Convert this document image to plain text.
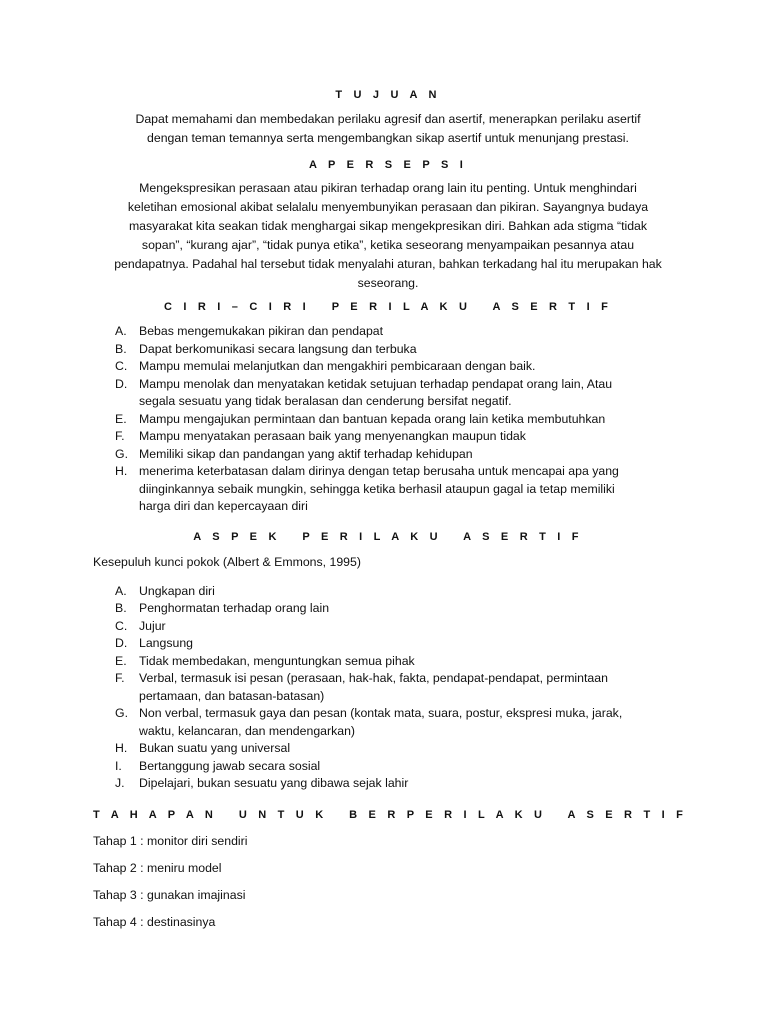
T U J U A N

Dapat memahami dan membedakan perilaku agresif dan asertif, menerapkan perilaku asertif
dengan teman temannya serta mengembangkan sikap asertif untuk menunjang prestasi.

A P E R S E P S I

Mengekspresikan perasaan atau pikiran terhadap orang lain itu penting. Untuk menghindari
keletihan emosional akibat selalalu menyembunyikan perasaan dan pikiran. Sayangnya budaya
masyarakat kita seakan tidak menghargai sikap mengekpresikan diri. Bahkan ada stigma “tidak
sopan”, “kurang ajar”, “tidak punya etika”, ketika seseorang menyampaikan pesannya atau
pendapatnya. Padahal hal tersebut tidak menyalahi aturan, bahkan terkadang hal itu merupakan hak
seseorang.

C I R I – C I R I   P E R I L A K U   A S E R T I F
A. Bebas mengemukakan pikiran dan pendapat
B. Dapat berkomunikasi secara langsung dan terbuka
C. Mampu memulai melanjutkan dan mengakhiri pembicaraan dengan baik.
D. Mampu menolak dan menyatakan ketidak setujuan terhadap pendapat orang lain, Atau
segala sesuatu yang tidak beralasan dan cenderung bersifat negatif.
E. Mampu mengajukan permintaan dan bantuan kepada orang lain ketika membutuhkan
F. Mampu menyatakan perasaan baik yang menyenangkan maupun tidak
G. Memiliki sikap dan pandangan yang aktif terhadap kehidupan
H. menerima keterbatasan dalam dirinya dengan tetap berusaha untuk mencapai apa yang
diinginkannya sebaik mungkin, sehingga ketika berhasil ataupun gagal ia tetap memiliki
harga diri dan kepercayaan diri
A S P E K   P E R I L A K U   A S E R T I F

Kesepuluh kunci pokok (Albert & Emmons, 1995)

A. Ungkapan diri
B. Penghormatan terhadap orang lain
C. Jujur
D. Langsung
E. Tidak membedakan, menguntungkan semua pihak
F. Verbal, termasuk isi pesan (perasaan, hak-hak, fakta, pendapat-pendapat, permintaan
pertamaan, dan batasan-batasan)
G. Non verbal, termasuk gaya dan pesan (kontak mata, suara, postur, ekspresi muka, jarak,
waktu, kelancaran, dan mendengarkan)
H. Bukan suatu yang universal
I. Bertanggung jawab secara sosial
J. Dipelajari, bukan sesuatu yang dibawa sejak lahir
T A H A P A N   U N T U K   B E R P E R I L A K U   A S E R T I F

Tahap 1 : monitor diri sendiri

Tahap 2 : meniru model

Tahap 3 : gunakan imajinasi

Tahap 4 : destinasinya
